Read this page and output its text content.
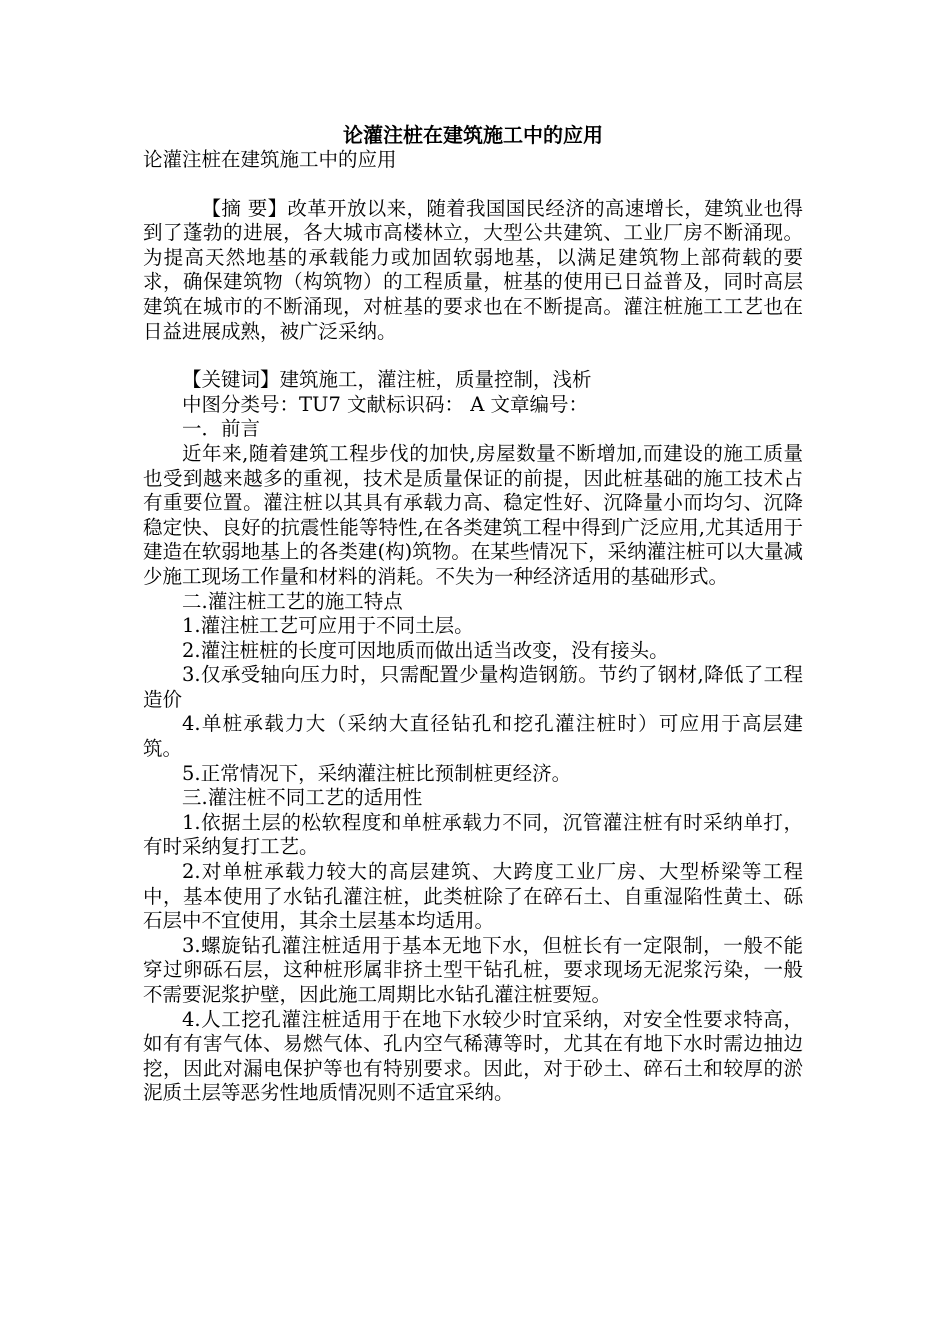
论灌注桩在建筑施工中的应用

论灌注桩在建筑施工中的应用

【摘 要】改革开放以来，随着我国国民经济的高速增长，建筑业也得到了蓬勃的进展，各大城市高楼林立，大型公共建筑、工业厂房不断涌现。为提高天然地基的承载能力或加固软弱地基，以满足建筑物上部荷载的要求，确保建筑物（构筑物）的工程质量，桩基的使用已日益普及，同时高层建筑在城市的不断涌现，对桩基的要求也在不断提高。灌注桩施工工艺也在日益进展成熟，被广泛采纳。

【关键词】建筑施工，灌注桩，质量控制，浅析

中图分类号：TU7 文献标识码： A 文章编号：

一．前言

近年来,随着建筑工程步伐的加快,房屋数量不断增加,而建设的施工质量也受到越来越多的重视，技术是质量保证的前提，因此桩基础的施工技术占有重要位置。灌注桩以其具有承载力高、稳定性好、沉降量小而均匀、沉降稳定快、良好的抗震性能等特性,在各类建筑工程中得到广泛应用,尤其适用于建造在软弱地基上的各类建(构)筑物。在某些情况下，采纳灌注桩可以大量减少施工现场工作量和材料的消耗。不失为一种经济适用的基础形式。

二.灌注桩工艺的施工特点

1.灌注桩工艺可应用于不同土层。

2.灌注桩桩的长度可因地质而做出适当改变，没有接头。

3.仅承受轴向压力时，只需配置少量构造钢筋。节约了钢材,降低了工程造价

4.单桩承载力大（采纳大直径钻孔和挖孔灌注桩时）可应用于高层建筑。

5.正常情况下，采纳灌注桩比预制桩更经济。

三.灌注桩不同工艺的适用性

1.依据土层的松软程度和单桩承载力不同，沉管灌注桩有时采纳单打，有时采纳复打工艺。

2.对单桩承载力较大的高层建筑、大跨度工业厂房、大型桥梁等工程中，基本使用了水钻孔灌注桩，此类桩除了在碎石土、自重湿陷性黄土、砾石层中不宜使用，其余土层基本均适用。

3.螺旋钻孔灌注桩适用于基本无地下水，但桩长有一定限制，一般不能穿过卵砾石层，这种桩形属非挤土型干钻孔桩，要求现场无泥浆污染，一般不需要泥浆护壁，因此施工周期比水钻孔灌注桩要短。

4.人工挖孔灌注桩适用于在地下水较少时宜采纳，对安全性要求特高，如有有害气体、易燃气体、孔内空气稀薄等时，尤其在有地下水时需边抽边挖，因此对漏电保护等也有特别要求。因此，对于砂土、碎石土和较厚的淤泥质土层等恶劣性地质情况则不适宜采纳。
